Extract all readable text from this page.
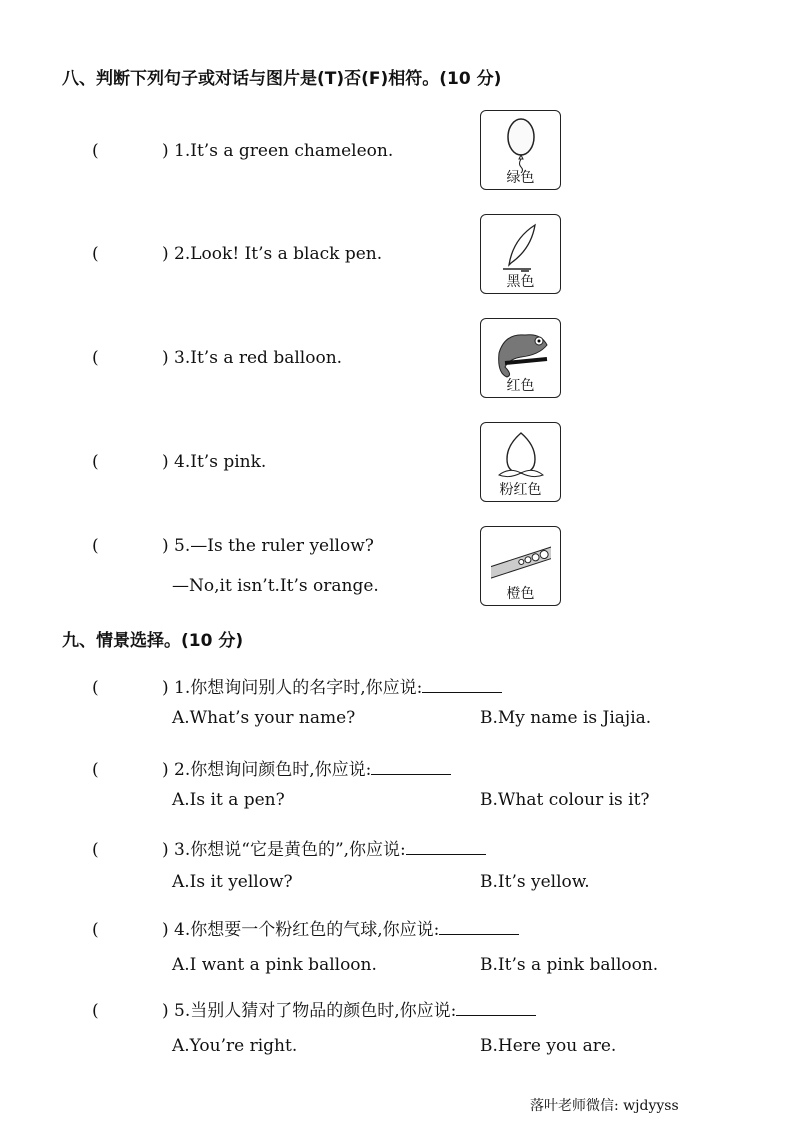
八、判断下列句子或对话与图片是(T)否(F)相符。(10 分)
(	) 1.It’s a green chameleon.
(	) 2.Look! It’s a black pen.
(	) 3.It’s a red balloon.
(	) 4.It’s pink.
(	) 5.—Is the ruler yellow?
—No,it isn’t.It’s orange.
绿色
黑色
红色
粉红色
橙色
九、情景选择。(10 分)
(	) 1.你想询问别人的名字时,你应说:
A.What’s your name?	B.My name is Jiajia.
(	) 2.你想询问颜色时,你应说:
A.Is it a pen?	B.What colour is it?
(	) 3.你想说“它是黄色的”,你应说:
A.Is it yellow?	B.It’s yellow.
(	) 4.你想要一个粉红色的气球,你应说:
A.I want a pink balloon.	B.It’s a pink balloon.
(	) 5.当别人猜对了物品的颜色时,你应说:
A.You’re right.	B.Here you are.
落叶老师微信: wjdyyss
